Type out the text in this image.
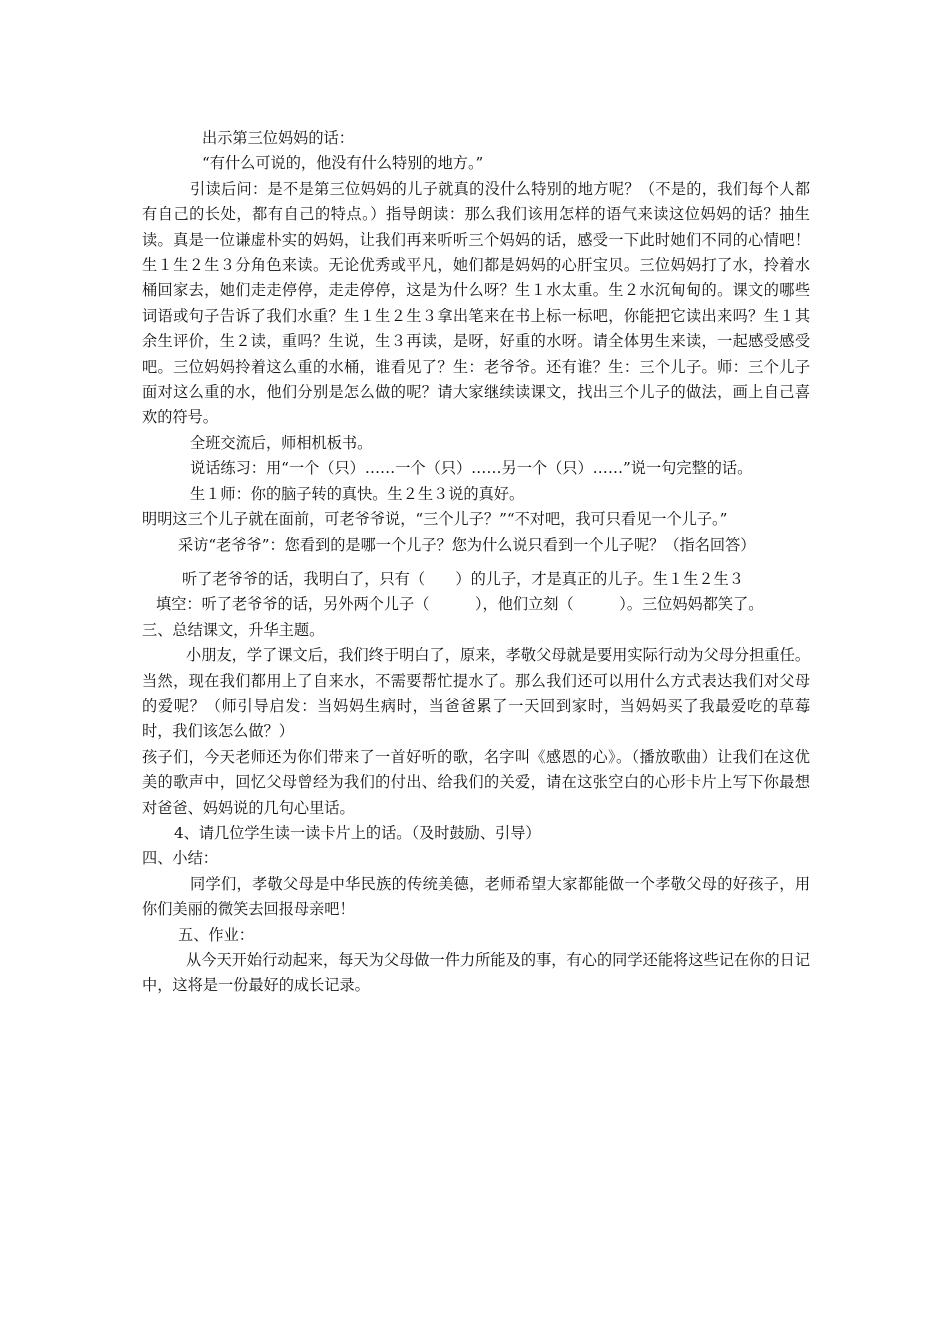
出示第三位妈妈的话：

“有什么可说的，他没有什么特别的地方。”

引读后问：是不是第三位妈妈的儿子就真的没什么特别的地方呢？（不是的，我们每个人都有自己的长处，都有自己的特点。）指导朗读：那么我们该用怎样的语气来读这位妈妈的话？抽生读。真是一位谦虚朴实的妈妈，让我们再来听听三个妈妈的话，感受一下此时她们不同的心情吧！生１生２生３分角色来读。无论优秀或平凡，她们都是妈妈的心肝宝贝。三位妈妈打了水，拎着水桶回家去，她们走走停停，走走停停，这是为什么呀？生１水太重。生２水沉甸甸的。课文的哪些词语或句子告诉了我们水重？生１生２生３拿出笔来在书上标一标吧，你能把它读出来吗？生１其余生评价，生２读，重吗？生说，生３再读，是呀，好重的水呀。请全体男生来读，一起感受感受吧。三位妈妈拎着这么重的水桶，谁看见了？生：老爷爷。还有谁？生：三个儿子。师：三个儿子面对这么重的水，他们分别是怎么做的呢？请大家继续读课文，找出三个儿子的做法，画上自己喜欢的符号。

全班交流后，师相机板书。

说话练习：用“一个（只）……一个（只）……另一个（只）……”说一句完整的话。

生１师：你的脑子转的真快。生２生３说的真好。

明明这三个儿子就在面前，可老爷爷说，“三个儿子？”“不对吧，我可只看见一个儿子。”

采访“老爷爷”：您看到的是哪一个儿子？您为什么说只看到一个儿子呢？（指名回答）

听了老爷爷的话，我明白了，只有（　　）的儿子，才是真正的儿子。生１生２生３

填空：听了老爷爷的话，另外两个儿子（　　　），他们立刻（　　　）。三位妈妈都笑了。

三、总结课文，升华主题。

小朋友，学了课文后，我们终于明白了，原来，孝敬父母就是要用实际行动为父母分担重任。当然，现在我们都用上了自来水，不需要帮忙提水了。那么我们还可以用什么方式表达我们对父母的爱呢？（师引导启发：当妈妈生病时，当爸爸累了一天回到家时，当妈妈买了我最爱吃的草莓时，我们该怎么做？）

孩子们，今天老师还为你们带来了一首好听的歌，名字叫《感恩的心》。（播放歌曲）让我们在这优美的歌声中，回忆父母曾经为我们的付出、给我们的关爱，请在这张空白的心形卡片上写下你最想对爸爸、妈妈说的几句心里话。

4、请几位学生读一读卡片上的话。（及时鼓励、引导）

四、小结：

同学们，孝敬父母是中华民族的传统美德，老师希望大家都能做一个孝敬父母的好孩子，用你们美丽的微笑去回报母亲吧！

五、作业：

从今天开始行动起来，每天为父母做一件力所能及的事，有心的同学还能将这些记在你的日记中，这将是一份最好的成长记录。
